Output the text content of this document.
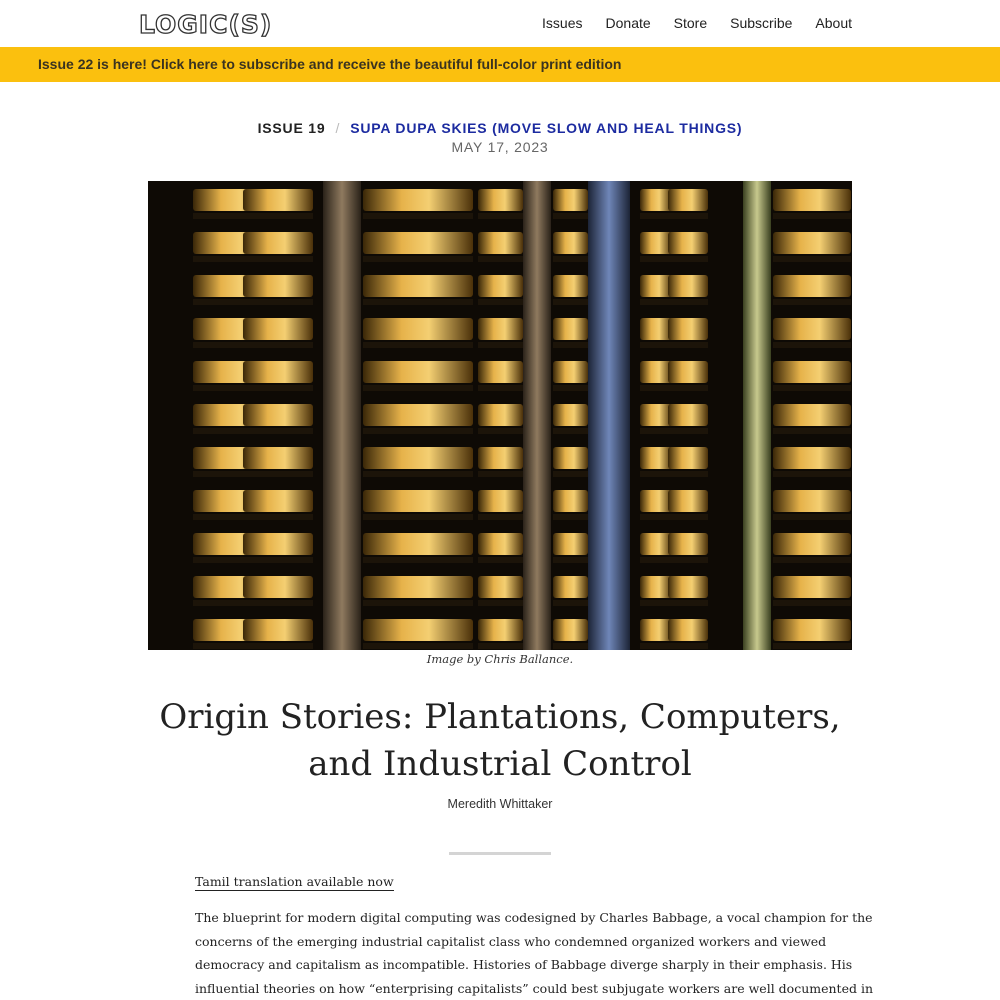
LOGIC(S)	Issues Donate Store Subscribe About
Issue 22 is here! Click here to subscribe and receive the beautiful full-color print edition
ISSUE 19 / SUPA DUPA SKIES (MOVE SLOW AND HEAL THINGS)
MAY 17, 2023
Image by Chris Ballance.
Origin Stories: Plantations, Computers,
and Industrial Control
Meredith Whittaker
Tamil translation available now
The blueprint for modern digital computing was codesigned by Charles Babbage, a vocal champion for the
concerns of the emerging industrial capitalist class who condemned organized workers and viewed
democracy and capitalism as incompatible. Histories of Babbage diverge sharply in their emphasis. His
influential theories on how “enterprising capitalists” could best subjugate workers are well documented in
